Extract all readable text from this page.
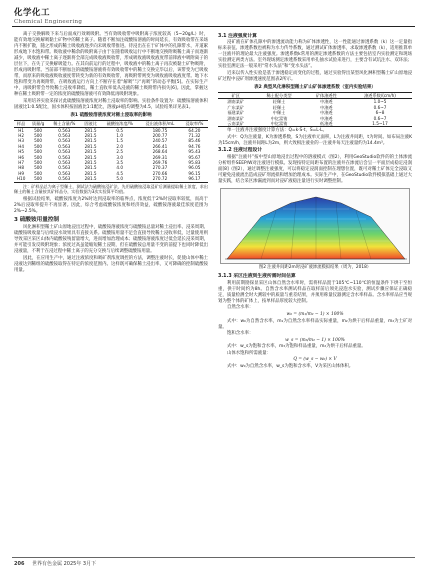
化学化工
Chemical Engineering

离子交换解吸下来与后面成行效吸吸附。当有效吸收带中吸附离子浓度较高（5~20g/L）时，能有效地交换解吸黏土矿物中的稀土离子。随着不断加注硫酸铵溶液的时间延长，有效吸收带在采场内不断扩散，随之形成的稀土吸收液逐步向未吸收带推进。待浸出在在于矿体中的孔隙带水，开道累形成地下水饱和带。吸收液中稀余的吸附离子由于在随着吸收运行中不断地交换附吸稀土离子而逐渐减少，吸收液中稀土离子逐渐将全部完成吸收液吸收带，形成吸收液吸收液度带前锋液中吸附离子的层位下，在失了交换解吸能力。在其向前运行的过程中，吸收液中的稀土离子再次被黏土矿物吸附，形成再吸附带。当前部不断加注的硫酸铵溶液将有效吸收带中的稀土交换完毕以后，该带变为已吸收带，而原来的吸收液吸收液度带转变为新的有效吸收带，再吸附带则变为吸收液吸收液度带。地下水饱和带变为再吸附带，在吸收液运行方向上不断存在着“解吸”与“再吸”的动态平衡[5]。在实际生产中，再吸附带会导致稀土浸收率降低，稀土直收率低从浸液的稀土吸附带内损失[6]。因此，掌握这种在稀土吸附带一定的浓度的硫酸铵溶液可有效降低再吸附现象。

采用培养实验采探讨此硫酸铵溶液浓度对稀土浸取率的影响。实验条件设置为：硫酸铵溶液体积固液比1:0.5配比，固水体积按固液比1:1配比，溶液pH值均调整为4.5，试验结果详见表1。

表1 硫酸铵溶液浓度对稀土浸取率的影响
样品	质量/g	稀土含量/%	固液比	硫酸铵浓度/%	浸出液体积/mL	浸取率/%
H1	500	0.563	281.5	0.5	180.75	64.20
H2	500	0.563	281.5	1.0	200.77	71.32
H3	500	0.563	281.5	1.5	240.57	85.46
H4	500	0.563	281.5	2.0	266.41	94.76
H5	500	0.563	281.5	2.5	268.64	95.43
H6	500	0.563	281.5	3.0	269.31	95.67
H7	500	0.563	281.5	3.5	269.76	95.83
H8	500	0.563	281.5	4.0	270.37	96.05
H9	500	0.563	281.5	4.5	270.66	96.15
H10	500	0.563	281.5	5.0	270.72	96.17

注：矿样品总为离子型稀土，测试法为硫酸铵浸矿法，先用硫酸铵浸取浸矿后测量提取稀土浓度，求出稀土的稀土含量按其矿样品分，实验数据为3次实验算平均值。

根据试验结果，硫酸铵浓度为2%时达到浸取率的临界点，浓度低于2%时浸取率较低，而高于2%后浸取率提升不再显著。因此，综合考虑硫酸铵浓度和经济效益，硫酸铵溶液最佳浓度范围为2%~2.5%。

3 硫酸铵用量控制

风化淋积型稀土矿山原地浸出过程中，硫酸铵溶液浓度与硫酸铵总量对稀土浸出率、浸采周期、硫酸铵吸收量与后续浸水效果具有直接关系。硫酸铵用量不足会直接导致稀土浸收率低，过量使用则导致采区采区山体内硫酸铵残留量增大，进而增加治理成本；硫酸铵溶液浓度过低会延长浸采周期，并可能引发反吸附现象；浓度过高虽能缩短稀土浸期，但在硫酸铵总用量不变的前提下也同时降低出浸液量，不利于在浸过程中稀土离子的充分交换与后续调整硫酸铵用量。

因此，在应用生产中，通过注液浓度和吸矿剂浓度调控的方法，调整注液时长，促使山体中稀土浸液达到稀组的硫酸铵取得在特定的浓度范围内。这样既可确保稀土浸出率，又可降确的控制硫酸铵用量。

3.1 注液强度计算

浸矿液在矿体孔隙中的渗透流动能力称为矿体渗透性，这一性能通过渗透系数（k）这一定量指标来表征。渗透系数也被称为水力传导系数，通过测试矿体渗透率，求取渗透系数（k），适用推算单一注液井的理论最大注液强度。渗透系数k常用的测定渗透系数的方法主要包括室内实验测定和现场实验测定两类方法。室外现场测定渗透系数采用单孔抽水试验来进行，主要含有试坑注水、双环法；实验室测定法一般采用“常水头法”和“变水头法”。

近来以传入性实验是基于渗透稳定而变化的过程，通过实验得出某型风化淋积型稀土矿山原地浸矿过程中浸矿剂渗透速度范围表2所示。

表2 典型风化淋积型稀土矿山矿体渗透系数（室内实验结果）
矿区	稀土配分类型	矿体渗透性	渗透系数/(cm/h)
湖南某矿	轻稀土	中渗透	1.0~5
广东某矿	轻稀土	中渗透	0.6~7
福建某矿	中稀土	中渗透	6~8
湖南某矿	中钇富铕	中渗透	0.6~7
云南某矿	中钇富铕	低渗透	1.5~17

单一注液井注液强度计算方法：Q=k·S·t，S=L·L。

式中：Q为注液量，K为渗透系数，S为注液单元面积，L为注液井间距，t为时间。如布局注液K为15cm/h，注液井间距L为2m，则大致相注液业的一注液井每天注液量约为14.4m³。

3.1.2 注液过程设计

根据“注液井”按中型山原地浸出过程中的溶液模式（图2），利用GeoStudio软件的的土体渗流分析组件SEEP/W对注液进行模拟。发现按特定间距布置的注液井在渗流后会呈一平面层成稳定浸润面[8]（图2），通过调整注液强度，可以将稳定浸润面控制在理想位置，既可对稀土矿体完全浸取又可避免浸液流出造成浸矿剂流损和增加治理成本。实际生产中，在GeoStudio软件模拟基础上通过大量实践，结合采区渗漏流到而对浸矿液稳注量进行实时调整控制。

图2 注液井间距2m时浸矿液渗流模拟结果（周为，2018）
3.1.3 采区注液到生液所需时间估算

利用前期勘探显采区山体自然含水率时，需将样品置于105℃~110℃的恒温条件下烘干至恒重，供干时间约为8h。自然含水率测试样品在取样前后须先浸泡水实验，测试步骤应保证正确稳定，质量检测全时大测较中的质量与重差结果，并须用称量仪器测定含水率样品。含水率样品应当规划为整个体的矿体上，按单样品厚度较大控制。

自然含水率：

w₀ = (m₁/m₂ − 1) × 100%

式中：w₀为自然含水率，m₁为自然含水率样品实际重量，m₂为烘干后样品重量，m₂为土矿对量。

饱和含水率：

w_s = (m₃/m₂ − 1) × 100%

式中：w_s为饱和含水率，m₃为饱和样品重量，m₂为烘干后样品重量。

山体水饱和所需液量：

Q = (w_s − w₀) × V

式中：w₀为自然含水率，w_s为饱和含水率，V为采区山体体积。

206 世界有色金属 2025年 3月下
